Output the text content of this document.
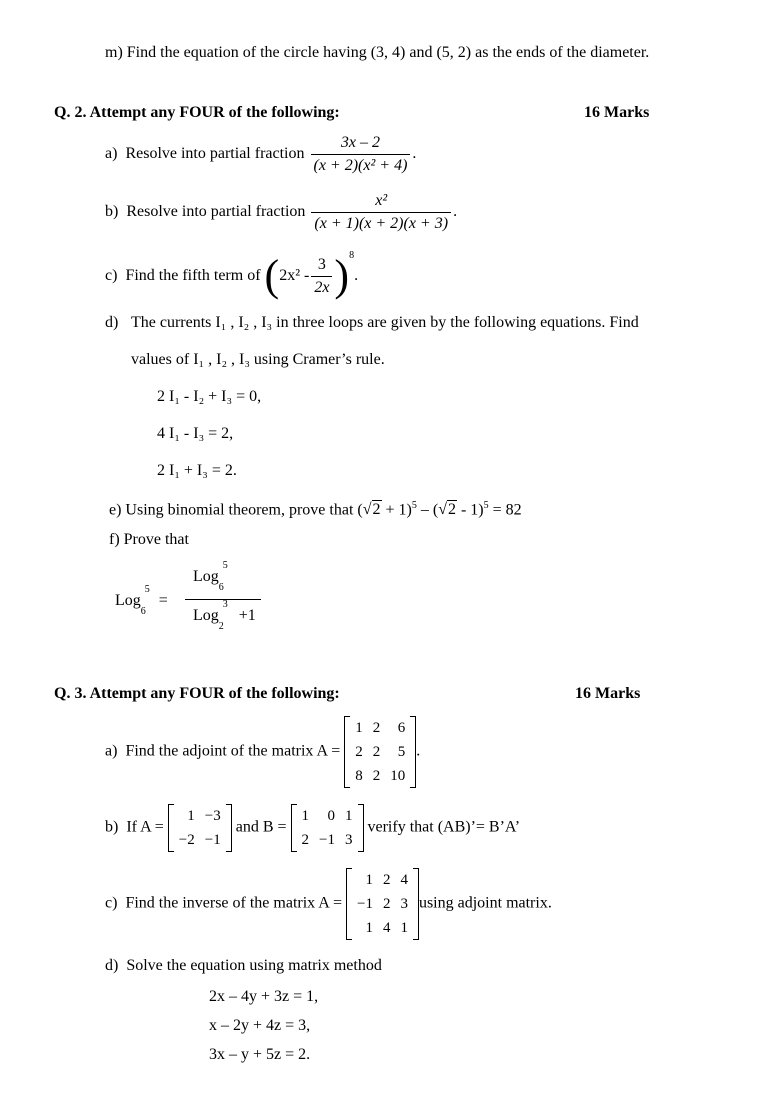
m) Find the equation of the circle having (3, 4) and (5, 2) as the ends of the diameter.
Q. 2. Attempt any FOUR of the following:	16 Marks
a) Resolve into partial fraction $\frac{3x - 2}{\text{(x + 2)(x² + 4)}}$ .
b) Resolve into partial fraction $\frac{\text{x²}}{(x + 1)(x + 2)(x + 3)}$ .
c) Find the fifth term of $(2x^2 - \frac{3}{2x} )^8$.
d) The currents I₁ , I₂ , I₃ in three loops are given by the following equations. Find
values of I₁ , I₂ , I₃ using Cramer’s rule.
2 I₁ - I₂ + I₃ = 0,
4 I₁ - I₃ = 2,
2 I₁ + I₃ = 2.
e) Using binomial theorem, prove that $(√2 + 1)^5 - (√2 - 1)^5 = 82$
f) Prove that
Log
5
6
=
Log
5
6
Log
3
2
+1
Q. 3. Attempt any FOUR of the following:	16 Marks
a) Find the adjoint of the matrix A =
1	2	6
2	2	5
8	2	10
.
b) If A =
1	−3
−2	−1
and B =
1	0	1
2	−1	3
verify that (AB)’= B’A’
c) Find the inverse of the matrix A =
1	2	4
−1	2	3
1	4	1
using adjoint matrix.
d) Solve the equation using matrix method
2x – 4y + 3z = 1,
x – 2y + 4z = 3,
3x – y + 5z = 2.
